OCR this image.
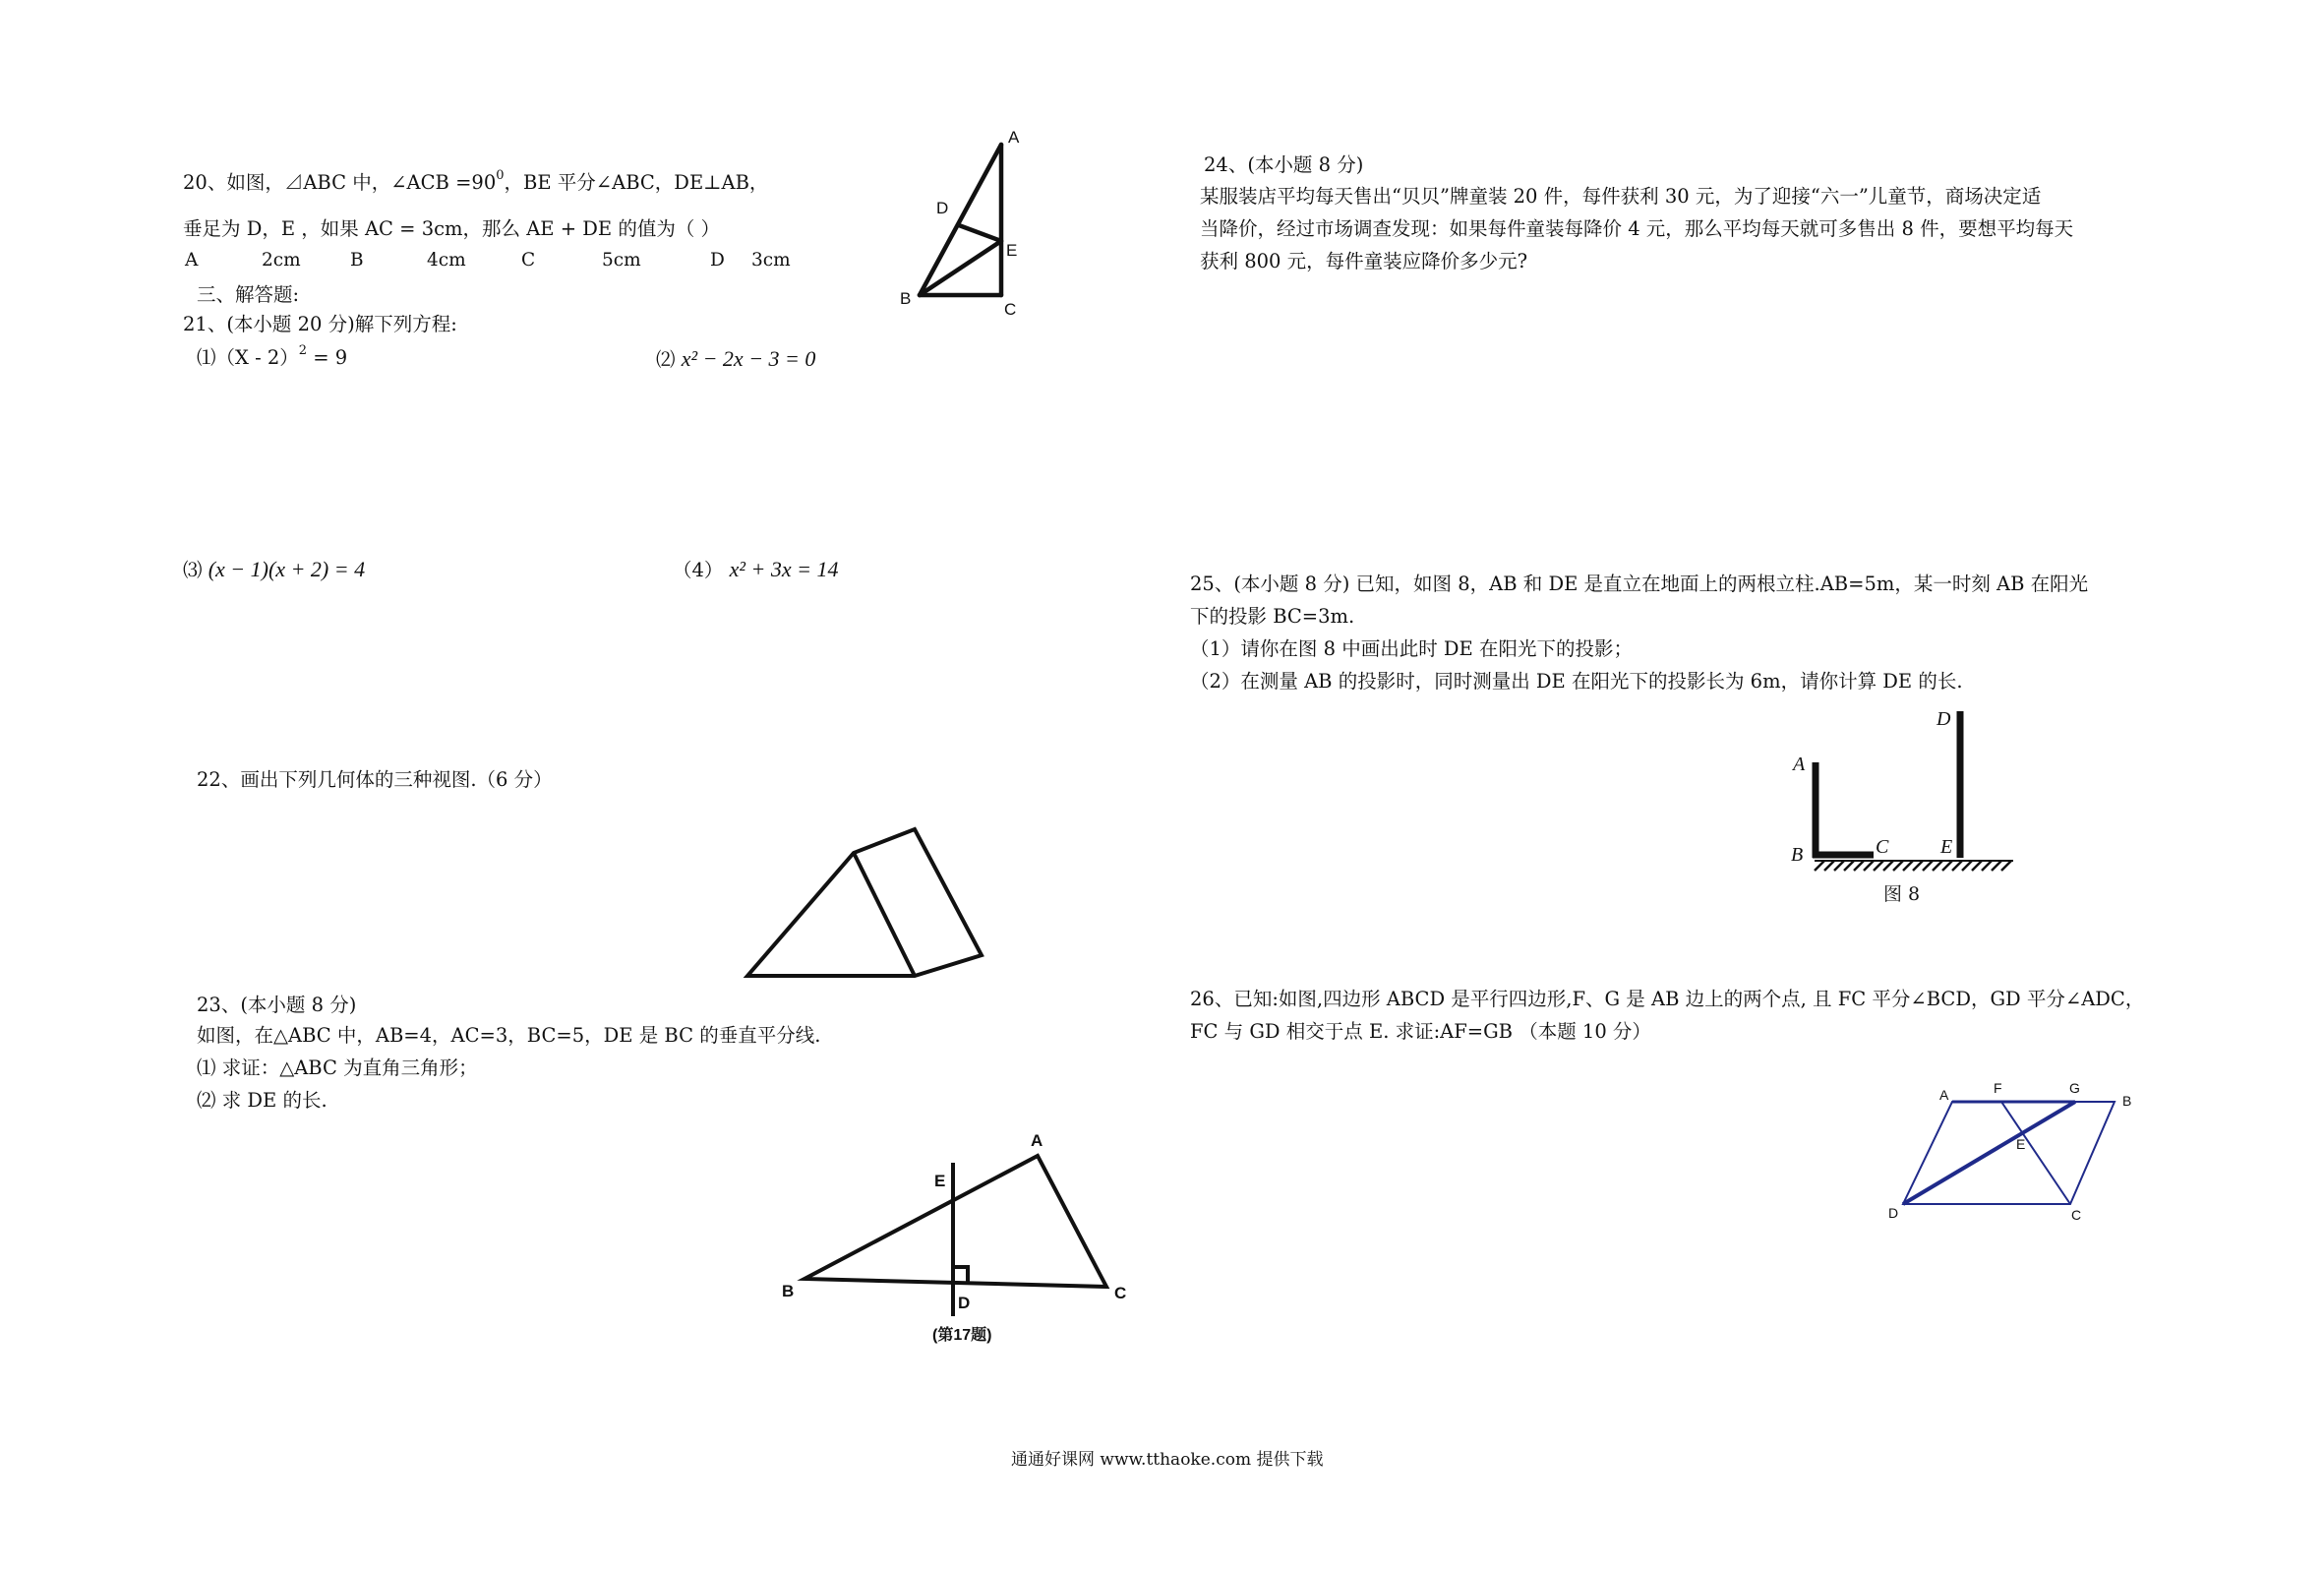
20、如图，⊿ABC 中，∠ACB $=90^0$，BE 平分∠ABC，DE⊥AB，
垂足为 D，E ，如果 AC = 3cm，那么 AE + DE 的值为（ ）
A	2cm	B	4cm	C	5cm	D 3cm
A
D
E
B
C
三、解答题:
21、(本小题 20 分)解下列方程:
⑴（X - 2）$^2$ = 9	⑵ x² − 2x − 3 = 0
⑶ (x − 1)(x + 2) = 4	（4） x² + 3x = 14
22、画出下列几何体的三种视图.（6 分）
23、(本小题 8 分)
如图，在△ABC 中，AB=4，AC=3，BC=5，DE 是 BC 的垂直平分线.
⑴ 求证：△ABC 为直角三角形；
⑵ 求 DE 的长.
A
E
B
D
C
(第17题)
24、(本小题 8 分)
某服装店平均每天售出“贝贝”牌童装 20 件，每件获利 30 元，为了迎接“六一”儿童节，商场决定适
当降价，经过市场调查发现：如果每件童装每降价 4 元，那么平均每天就可多售出 8 件，要想平均每天
获利 800 元，每件童装应降价多少元?
25、(本小题 8 分) 已知，如图 8，AB 和 DE 是直立在地面上的两根立柱.AB=5m，某一时刻 AB 在阳光
下的投影 BC=3m.
（1）请你在图 8 中画出此时 DE 在阳光下的投影；
（2）在测量 AB 的投影时，同时测量出 DE 在阳光下的投影长为 6m，请你计算 DE 的长.
A
B	C
D
E
图 8
26、已知:如图,四边形 ABCD 是平行四边形,F、G 是 AB 边上的两个点, 且 FC 平分∠BCD，GD 平分∠ADC，
FC 与 GD 相交于点 E. 求证:AF=GB （本题 10 分）
A	F	G
B
E
D	C
通通好课网 www.tthaoke.com 提供下载
